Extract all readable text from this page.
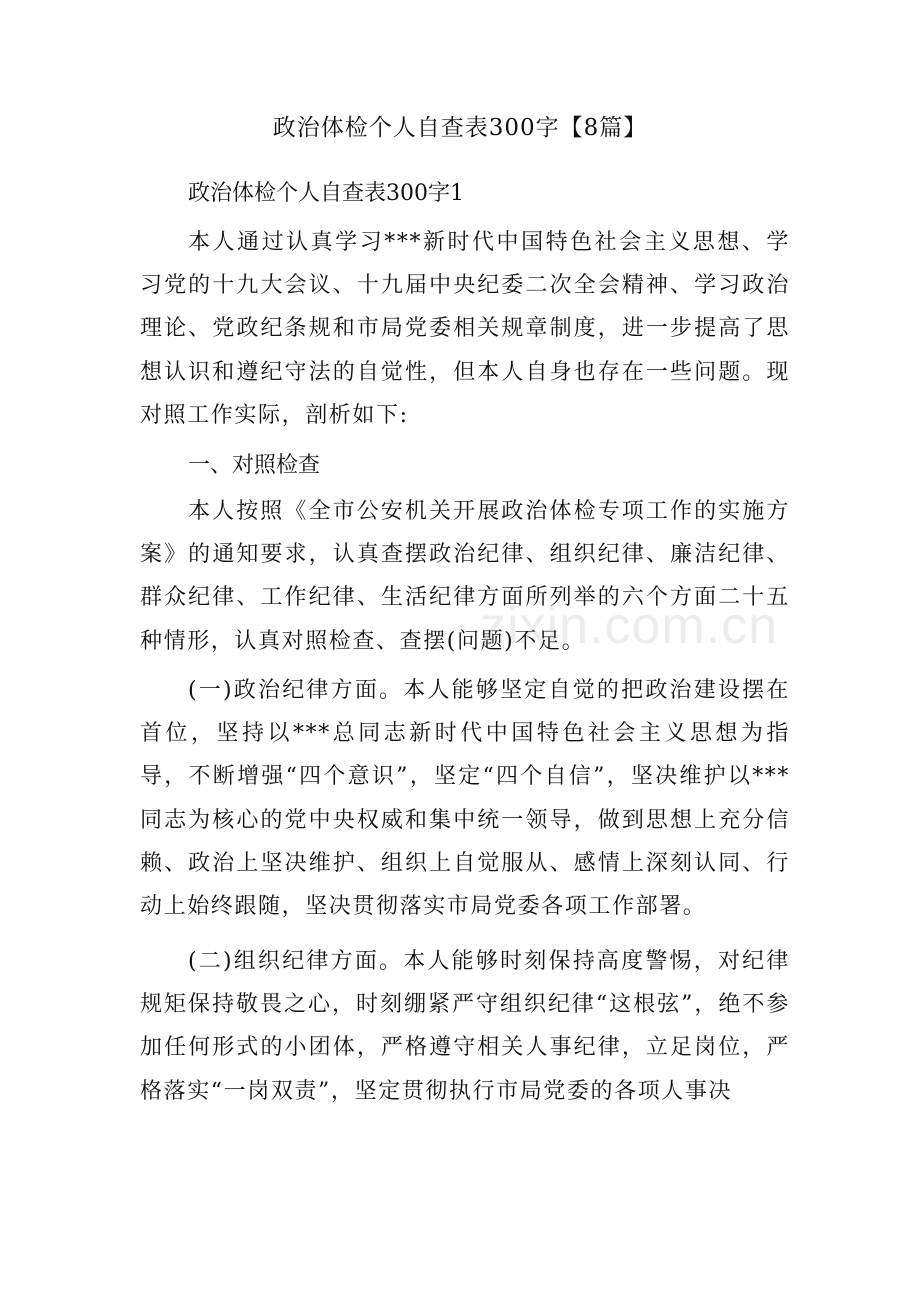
政治体检个人自查表300字【8篇】
政治体检个人自查表300字1
本人通过认真学习***新时代中国特色社会主义思想、学习党的十九大会议、十九届中央纪委二次全会精神、学习政治理论、党政纪条规和市局党委相关规章制度，进一步提高了思想认识和遵纪守法的自觉性，但本人自身也存在一些问题。现对照工作实际，剖析如下:
一、对照检查
本人按照《全市公安机关开展政治体检专项工作的实施方案》的通知要求，认真查摆政治纪律、组织纪律、廉洁纪律、群众纪律、工作纪律、生活纪律方面所列举的六个方面二十五种情形，认真对照检查、查摆(问题)不足。
(一)政治纪律方面。本人能够坚定自觉的把政治建设摆在首位，坚持以***总同志新时代中国特色社会主义思想为指导，不断增强“四个意识”，坚定“四个自信”，坚决维护以***同志为核心的党中央权威和集中统一领导，做到思想上充分信赖、政治上坚决维护、组织上自觉服从、感情上深刻认同、行动上始终跟随，坚决贯彻落实市局党委各项工作部署。
(二)组织纪律方面。本人能够时刻保持高度警惕，对纪律规矩保持敬畏之心，时刻绷紧严守组织纪律“这根弦”，绝不参加任何形式的小团体，严格遵守相关人事纪律，立足岗位，严格落实“一岗双责”，坚定贯彻执行市局党委的各项人事决
zixin.com.cn
